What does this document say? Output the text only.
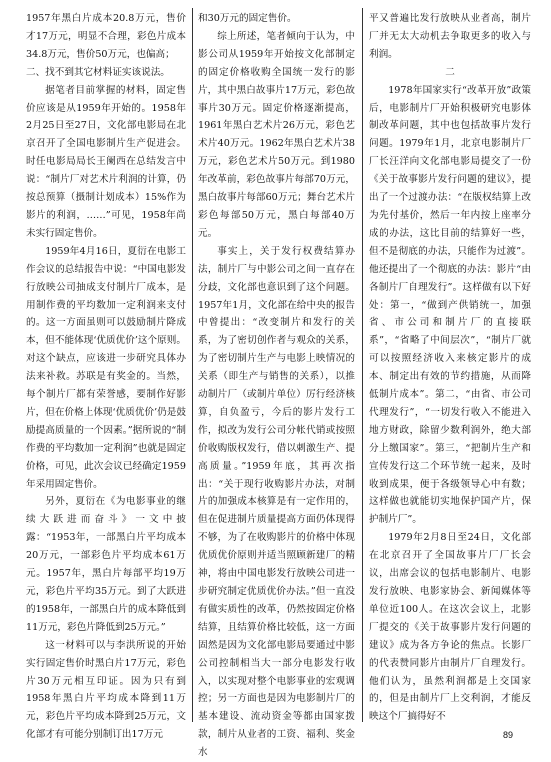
1957年黑白片成本20.8万元，售价才17万元，明显不合理，彩色片成本34.8万元，售价50万元，也偏高；

二、找不到其它材料证实该说法。

据笔者目前掌握的材料，固定售价应该是从1959年开始的。1958年2月25日至27日，文化部电影局在北京召开了全国电影制片生产促进会。时任电影局局长王阑西在总结发言中说：“制片厂对艺术片利润的计算，仍按总预算（摄制计划成本）15%作为影片的利润，……”可见，1958年尚未实行固定售价。

1959年4月16日，夏衍在电影工作会议的总结报告中说：“中国电影发行放映公司抽成支付制片厂成本，是用制作费的平均数加一定利润来支付的。这一方面虽则可以鼓励制片降成本，但不能体现‘优质优价’这个原则。对这个缺点，应该进一步研究具体办法来补救。苏联是有奖金的。当然，每个制片厂都有荣誉感，要制作好影片，但在价格上体现‘优质优价’仍是鼓励提高质量的一个因素。”据所说的“制作费的平均数加一定利润”也就是固定价格，可见，此次会议已经确定1959年采用固定售价。

另外，夏衍在《为电影事业的继续大跃进而奋斗》一文中披露：“1953年，一部黑白片平均成本20万元，一部彩色片平均成本61万元。1957年，黑白片每部平均19万元，彩色片平均35万元。到了大跃进的1958年，一部黑白片的成本降低到11万元，彩色片降低到25万元。”

这一材料可以与李洪所说的开始实行固定售价时黑白片17万元，彩色片30万元相互印证。因为只有到1958年黑白片平均成本降到11万元，彩色片平均成本降到25万元，文化部才有可能分别制订出17万元

和30万元的固定售价。

综上所述，笔者倾向于认为，中影公司从1959年开始按文化部制定的固定价格收购全国统一发行的影片，其中黑白故事片17万元，彩色故事片30万元。固定价格逐渐提高，1961年黑白艺术片26万元，彩色艺术片40万元。1962年黑白艺术片38万元，彩色艺术片50万元。到1980年改革前，彩色故事片每部70万元，黑白故事片每部60万元；舞台艺术片彩色每部50万元，黑白每部40万元。

事实上，关于发行权费结算办法，制片厂与中影公司之间一直存在分歧，文化部也意识到了这个问题。1957年1月，文化部在给中央的报告中曾提出：“改变制片和发行的关系，为了密切创作者与观众的关系，为了密切制片生产与电影上映情况的关系（即生产与销售的关系），以推动制片厂（或制片单位）厉行经济核算，自负盈亏，今后的影片发行工作，拟改为发行公司分帐代销或按照价收购版权发行，借以刺激生产、提高质量。”1959年底，其再次指出：“关于现行收购影片办法，对制片的加强成本核算是有一定作用的，但在促进制片质量提高方面仍体现得不够，为了在收购影片的价格中体现优质优价原则并适当照顾新建厂的精神，将由中国电影发行放映公司进一步研究制定优质优价办法。”但一直没有做实质性的改革，仍然按固定价格结算，且结算价格比较低，这一方面固然是因为文化部电影局要通过中影公司控制相当大一部分电影发行收入，以实现对整个电影事业的宏观调控；另一方面也是因为电影制片厂的基本建设、流动资金等都由国家拨款，制片从业者的工资、福利、奖金水

平又普遍比发行放映从业者高，制片厂并无太大动机去争取更多的收入与利润。

二

1978年国家实行“改革开放”政策后，电影制片厂开始积极研究电影体制改革问题，其中也包括故事片发行问题。1979年1月，北京电影制片厂厂长汪洋向文化部电影局提交了一份《关于故事影片发行问题的建议》，提出了一个过渡办法：“在版权结算上改为先付基价，然后一年内按上座率分成的办法，这比目前的结算好一些，但不是彻底的办法，只能作为过渡”。他还提出了一个彻底的办法：影片“由各制片厂自理发行”。这样做有以下好处：第一，“做到产供销统一，加强省、市公司和制片厂的直接联系”，“省略了中间层次”，“制片厂就可以按照经济收入来核定影片的成本、制定出有效的节约措施，从而降低制片成本”。第二，“由省、市公司代理发行”，“一切发行收入不能进入地方财政，除留少数利润外，绝大部分上缴国家”。第三，“把制片生产和宣传发行这二个环节统一起来，及时收到成果，便于各级领导心中有数；这样做也就能切实地保护国产片，保护制片厂”。

1979年2月8日至24日，文化部在北京召开了全国故事片厂厂长会议，出席会议的包括电影制片、电影发行放映、电影家协会、新闻媒体等单位近100人。在这次会议上，北影厂提交的《关于故事影片发行问题的建议》成为各方争论的焦点。长影厂的代表赞同影片由制片厂自理发行。他们认为，虽然利润都是上交国家的，但是由制片厂上交利润，才能反映这个厂搞得好不

89
